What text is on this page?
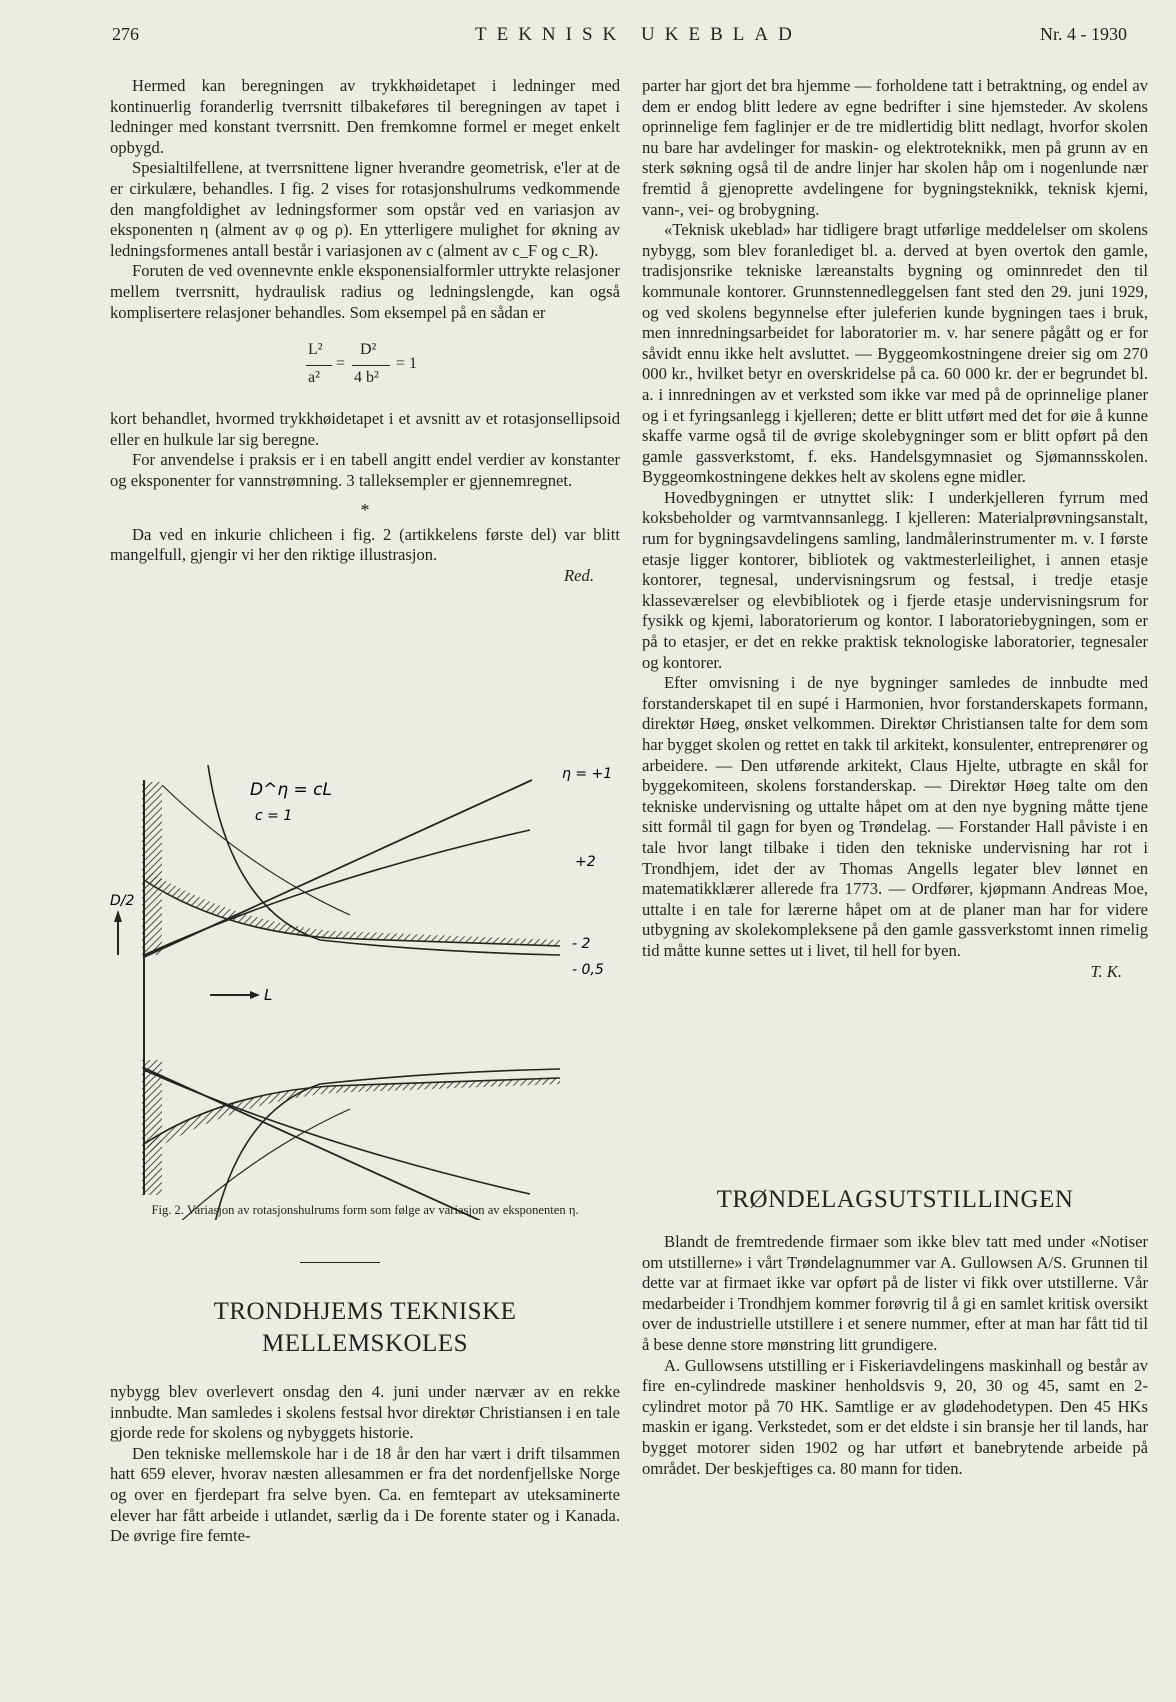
276	TEKNISK UKEBLAD	Nr. 4 - 1930

Hermed kan beregningen av trykkhøidetapet i ledninger med kontinuerlig foranderlig tverrsnitt tilbakeføres til beregningen av tapet i ledninger med konstant tverrsnitt. Den fremkomne formel er meget enkelt opbygd.

Spesialtilfellene, at tverrsnittene ligner hverandre geometrisk, e'ler at de er cirkulære, behandles. I fig. 2 vises for rotasjonshulrums vedkommende den mangfoldighet av ledningsformer som opstår ved en variasjon av eksponenten η (alment av φ og ρ). En ytterligere mulighet for økning av ledningsformenes antall består i variasjonen av c (alment av c_F og c_R).

Foruten de ved ovennevnte enkle eksponensialformler uttrykte relasjoner mellem tverrsnitt, hydraulisk radius og ledningslengde, kan også komplisertere relasjoner behandles. Som eksempel på en sådan er

L²
a²
=
D²
4 b²
= 1

kort behandlet, hvormed trykkhøidetapet i et avsnitt av et rotasjonsellipsoid eller en hulkule lar sig beregne.

For anvendelse i praksis er i en tabell angitt endel verdier av konstanter og eksponenter for vannstrømning. 3 talleksempler er gjennemregnet.

*

Da ved en inkurie chlicheen i fig. 2 (artikkelens første del) var blitt mangelfull, gjengir vi her den riktige illustrasjon.

Red.

D^η = cL
c = 1
η = +1
+2
- 2
- 0,5
D/2
L
Fig. 2. Variasjon av rotasjonshulrums form som følge av variasjon av eksponenten η.
TRONDHJEMS TEKNISKE
MELLEMSKOLES

nybygg blev overlevert onsdag den 4. juni under nærvær av en rekke innbudte. Man samledes i skolens festsal hvor direktør Christiansen i en tale gjorde rede for skolens og nybyggets historie.

Den tekniske mellemskole har i de 18 år den har vært i drift tilsammen hatt 659 elever, hvorav næsten allesammen er fra det nordenfjellske Norge og over en fjerdepart fra selve byen. Ca. en femtepart av uteksaminerte elever har fått arbeide i utlandet, særlig da i De forente stater og i Kanada. De øvrige fire femte-

parter har gjort det bra hjemme — forholdene tatt i betraktning, og endel av dem er endog blitt ledere av egne bedrifter i sine hjemsteder. Av skolens oprinnelige fem faglinjer er de tre midlertidig blitt nedlagt, hvorfor skolen nu bare har avdelinger for maskin- og elektroteknikk, men på grunn av en sterk søkning også til de andre linjer har skolen håp om i nogenlunde nær fremtid å gjenoprette avdelingene for bygningsteknikk, teknisk kjemi, vann-, vei- og brobygning.

«Teknisk ukeblad» har tidligere bragt utførlige meddelelser om skolens nybygg, som blev foranlediget bl. a. derved at byen overtok den gamle, tradisjonsrike tekniske læreanstalts bygning og ominnredet den til kommunale kontorer. Grunnstennedleggelsen fant sted den 29. juni 1929, og ved skolens begynnelse efter juleferien kunde bygningen taes i bruk, men innredningsarbeidet for laboratorier m. v. har senere pågått og er for såvidt ennu ikke helt avsluttet. — Byggeomkostningene dreier sig om 270 000 kr., hvilket betyr en overskridelse på ca. 60 000 kr. der er begrundet bl. a. i innredningen av et verksted som ikke var med på de oprinnelige planer og i et fyringsanlegg i kjelleren; dette er blitt utført med det for øie å kunne skaffe varme også til de øvrige skolebygninger som er blitt opført på den gamle gassverkstomt, f. eks. Handelsgymnasiet og Sjømannsskolen. Byggeomkostningene dekkes helt av skolens egne midler.

Hovedbygningen er utnyttet slik: I underkjelleren fyrrum med koksbeholder og varmtvannsanlegg. I kjelleren: Materialprøvningsanstalt, rum for bygningsavdelingens samling, landmålerinstrumenter m. v. I første etasje ligger kontorer, bibliotek og vaktmesterleilighet, i annen etasje kontorer, tegnesal, undervisningsrum og festsal, i tredje etasje klasseværelser og elevbibliotek og i fjerde etasje undervisningsrum for fysikk og kjemi, laboratorierum og kontor. I laboratoriebygningen, som er på to etasjer, er det en rekke praktisk teknologiske laboratorier, tegnesaler og kontorer.

Efter omvisning i de nye bygninger samledes de innbudte med forstanderskapet til en supé i Harmonien, hvor forstanderskapets formann, direktør Høeg, ønsket velkommen. Direktør Christiansen talte for dem som har bygget skolen og rettet en takk til arkitekt, konsulenter, entreprenører og arbeidere. — Den utførende arkitekt, Claus Hjelte, utbragte en skål for byggekomiteen, skolens forstanderskap. — Direktør Høeg talte om den tekniske undervisning og uttalte håpet om at den nye bygning måtte tjene sitt formål til gagn for byen og Trøndelag. — Forstander Hall påviste i en tale hvor langt tilbake i tiden den tekniske undervisning har rot i Trondhjem, idet der av Thomas Angells legater blev lønnet en matematikklærer allerede fra 1773. — Ordfører, kjøpmann Andreas Moe, uttalte i en tale for lærerne håpet om at de planer man har for videre utbygning av skolekompleksene på den gamle gassverkstomt innen rimelig tid måtte kunne settes ut i livet, til hell for byen.

T. K.

TRØNDELAGSUTSTILLINGEN

Blandt de fremtredende firmaer som ikke blev tatt med under «Notiser om utstillerne» i vårt Trøndelagnummer var A. Gullowsen A/S. Grunnen til dette var at firmaet ikke var opført på de lister vi fikk over utstillerne. Vår medarbeider i Trondhjem kommer forøvrig til å gi en samlet kritisk oversikt over de industrielle utstillere i et senere nummer, efter at man har fått tid til å bese denne store mønstring litt grundigere.

A. Gullowsens utstilling er i Fiskeriavdelingens maskinhall og består av fire en-cylindrede maskiner henholdsvis 9, 20, 30 og 45, samt en 2-cylindret motor på 70 HK. Samtlige er av glødehodetypen. Den 45 HKs maskin er igang. Verkstedet, som er det eldste i sin bransje her til lands, har bygget motorer siden 1902 og har utført et banebrytende arbeide på området. Der beskjeftiges ca. 80 mann for tiden.
